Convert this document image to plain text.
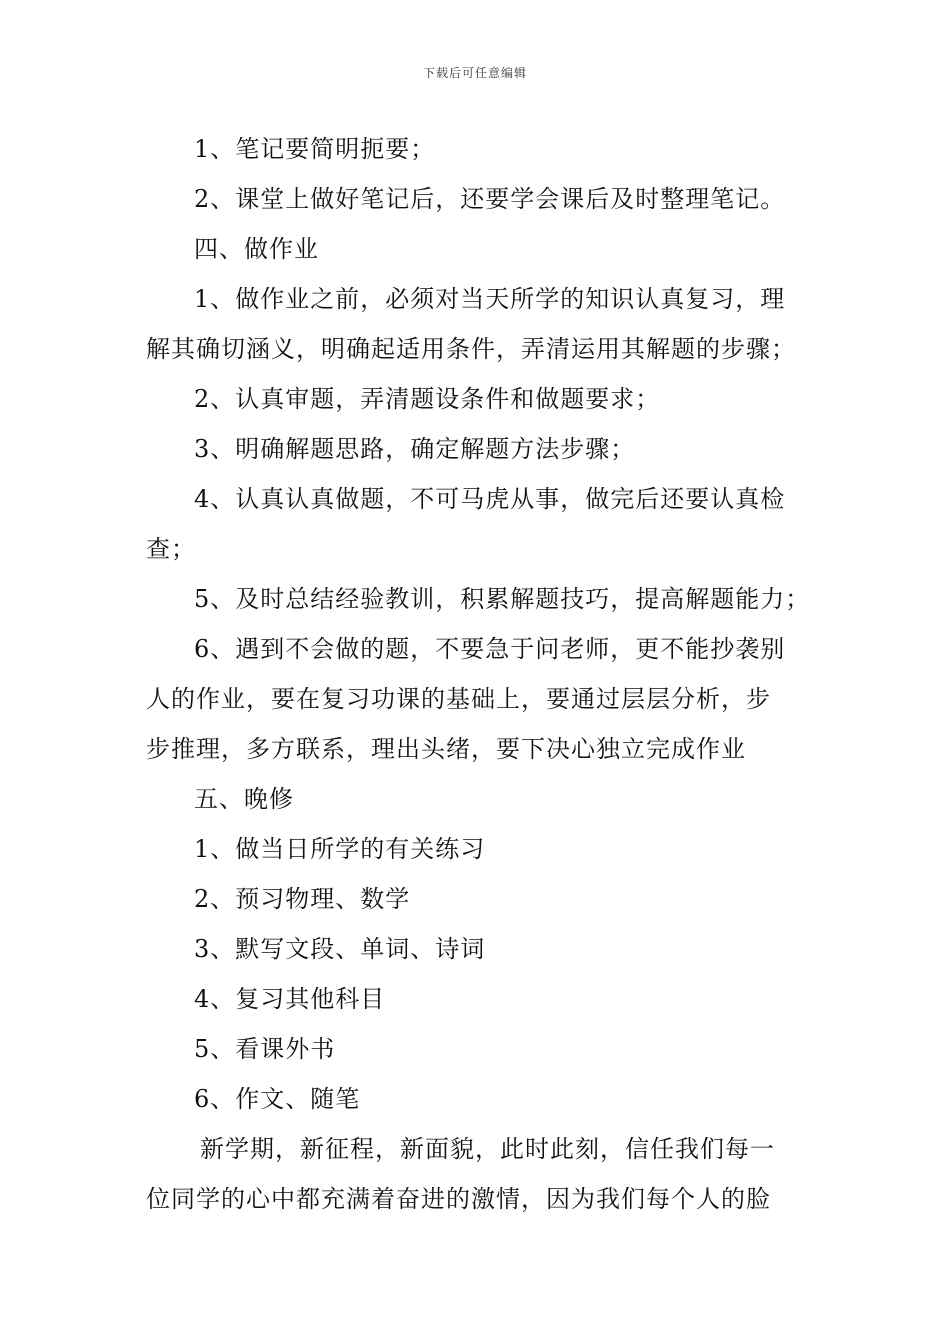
下载后可任意编辑
1、笔记要简明扼要；
2、课堂上做好笔记后，还要学会课后及时整理笔记。
四、做作业
1、做作业之前，必须对当天所学的知识认真复习，理
解其确切涵义，明确起适用条件，弄清运用其解题的步骤；
2、认真审题，弄清题设条件和做题要求；
3、明确解题思路，确定解题方法步骤；
4、认真认真做题，不可马虎从事，做完后还要认真检
查；
5、及时总结经验教训，积累解题技巧，提高解题能力；
6、遇到不会做的题，不要急于问老师，更不能抄袭别
人的作业，要在复习功课的基础上，要通过层层分析，步
步推理，多方联系，理出头绪，要下决心独立完成作业
五、晚修
1、做当日所学的有关练习
2、预习物理、数学
3、默写文段、单词、诗词
4、复习其他科目
5、看课外书
6、作文、随笔
新学期，新征程，新面貌，此时此刻，信任我们每一
位同学的心中都充满着奋进的激情，因为我们每个人的脸
